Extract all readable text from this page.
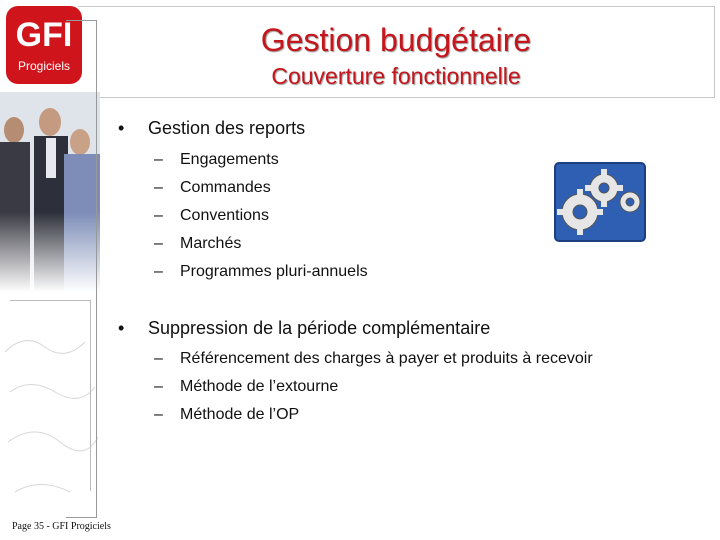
GFI
Progiciels
Gestion budgétaire
Couverture fonctionnelle
• Gestion des reports
– Engagements
– Commandes
– Conventions
– Marchés
– Programmes pluri-annuels
• Suppression de la période complémentaire
– Référencement des charges à payer et produits à recevoir
– Méthode de l’extourne
– Méthode de l’OP
Page 35 - GFI Progiciels
